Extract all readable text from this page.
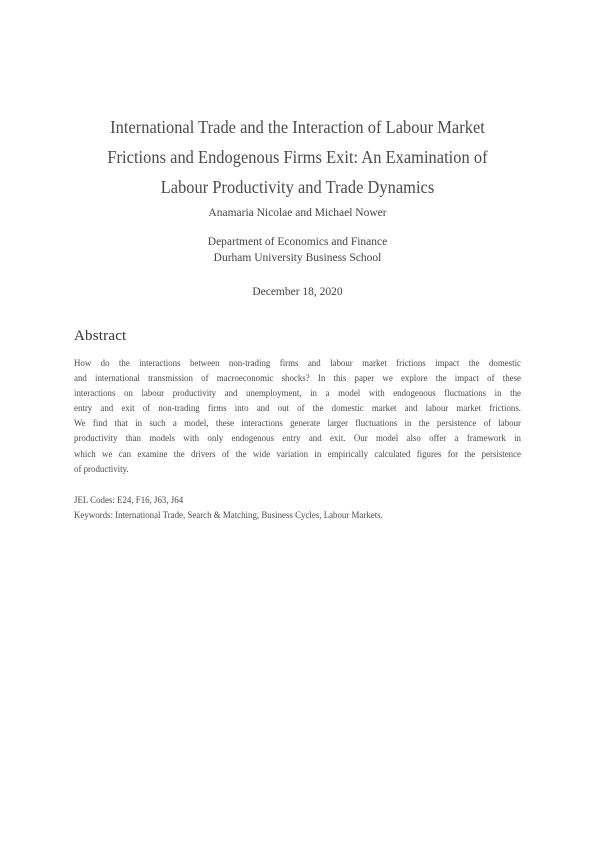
International Trade and the Interaction of Labour Market
Frictions and Endogenous Firms Exit: An Examination of
Labour Productivity and Trade Dynamics
Anamaria Nicolae and Michael Nower
Department of Economics and Finance
Durham University Business School
December 18, 2020
Abstract
How do the interactions between non-trading firms and labour market frictions impact the domestic
and international transmission of macroeconomic shocks? In this paper we explore the impact of these
interactions on labour productivity and unemployment, in a model with endogenous fluctuations in the
entry and exit of non-trading firms into and out of the domestic market and labour market frictions.
We find that in such a model, these interactions generate larger fluctuations in the persistence of labour
productivity than models with only endogenous entry and exit. Our model also offer a framework in
which we can examine the drivers of the wide variation in empirically calculated figures for the persistence
of productivity.
JEL Codes: E24, F16, J63, J64
Keywords: International Trade, Search & Matching, Business Cycles, Labour Markets.
